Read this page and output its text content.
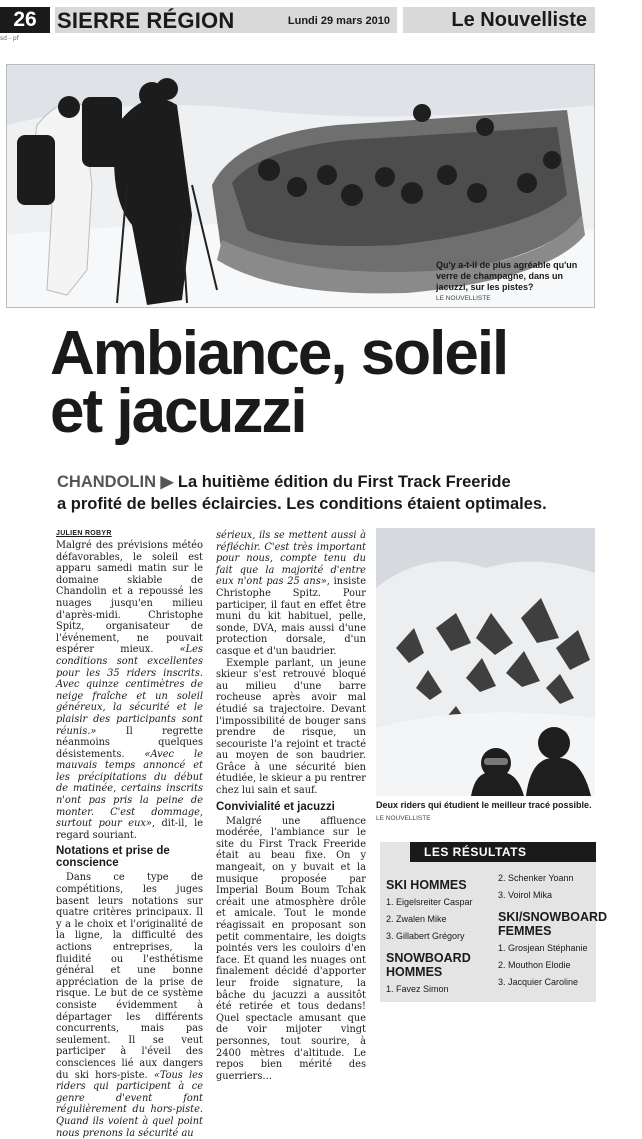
26 SIERRE RÉGION	Lundi 29 mars 2010	Le Nouvelliste
sd - pf
Qu'y a-t-il de plus agréable qu'un verre de champagne, dans un jacuzzi, sur les pistes?
LE NOUVELLISTE
Ambiance, soleil
et jacuzzi
CHANDOLIN ▶ La huitième édition du First Track Freeride
a profité de belles éclaircies. Les conditions étaient optimales.
JULIEN ROBYR

Malgré des prévisions météo défavorables, le soleil est apparu samedi matin sur le domaine skiable de Chandolin et a repoussé les nuages jusqu'en milieu d'après-midi. Christophe Spitz, organisateur de l'événement, ne pouvait espérer mieux. «Les conditions sont excellentes pour les 35 riders inscrits. Avec quinze centimètres de neige fraîche et un soleil généreux, la sécurité et le plaisir des participants sont réunis.» Il regrette néanmoins quelques désistements. «Avec le mauvais temps annoncé et les précipitations du début de matinée, certains inscrits n'ont pas pris la peine de monter. C'est dommage, surtout pour eux», dit-il, le regard souriant.

Notations et prise de conscience

Dans ce type de compétitions, les juges basent leurs notations sur quatre critères principaux. Il y a le choix et l'originalité de la ligne, la difficulté des actions entreprises, la fluidité ou l'esthétisme général et une bonne appréciation de la prise de risque. Le but de ce système consiste évidemment à départager les différents concurrents, mais pas seulement. Il se veut participer à l'éveil des consciences lié aux dangers du ski hors-piste. «Tous les riders qui participent à ce genre d'event font régulièrement du hors-piste. Quand ils voient à quel point nous prenons la sécurité au

sérieux, ils se mettent aussi à réfléchir. C'est très important pour nous, compte tenu du fait que la majorité d'entre eux n'ont pas 25 ans», insiste Christophe Spitz. Pour participer, il faut en effet être muni du kit habituel, pelle, sonde, DVA, mais aussi d'une protection dorsale, d'un casque et d'un baudrier.

Exemple parlant, un jeune skieur s'est retrouvé bloqué au milieu d'une barre rocheuse après avoir mal étudié sa trajectoire. Devant l'impossibilité de bouger sans prendre de risque, un secouriste l'a rejoint et tracté au moyen de son baudrier. Grâce à une sécurité bien étudiée, le skieur a pu rentrer chez lui sain et sauf.

Convivialité et jacuzzi

Malgré une affluence modérée, l'ambiance sur le site du First Track Freeride était au beau fixe. On y mangeait, on y buvait et la musique proposée par Imperial Boum Boum Tchak créait une atmosphère drôle et amicale. Tout le monde réagissait en proposant son petit commentaire, les doigts pointés vers les couloirs d'en face. Et quand les nuages ont finalement décidé d'apporter leur froide signature, la bâche du jacuzzi a aussitôt été retirée et tous dedans! Quel spectacle amusant que de voir mijoter vingt personnes, tout sourire, à 2400 mètres d'altitude. Le repos bien mérité des guerriers…

Deux riders qui étudient le meilleur tracé possible.
LE NOUVELLISTE
LES RÉSULTATS
SKI HOMMES
1. Eigelsreiter Caspar
2. Zwalen Mike
3. Gillabert Grégory
SNOWBOARD
HOMMES
1. Favez Simon
2. Schenker Yoann
3. Voirol Mika
SKI/SNOWBOARD
FEMMES
1. Grosjean Stéphanie
2. Mouthon Elodie
3. Jacquier Caroline
